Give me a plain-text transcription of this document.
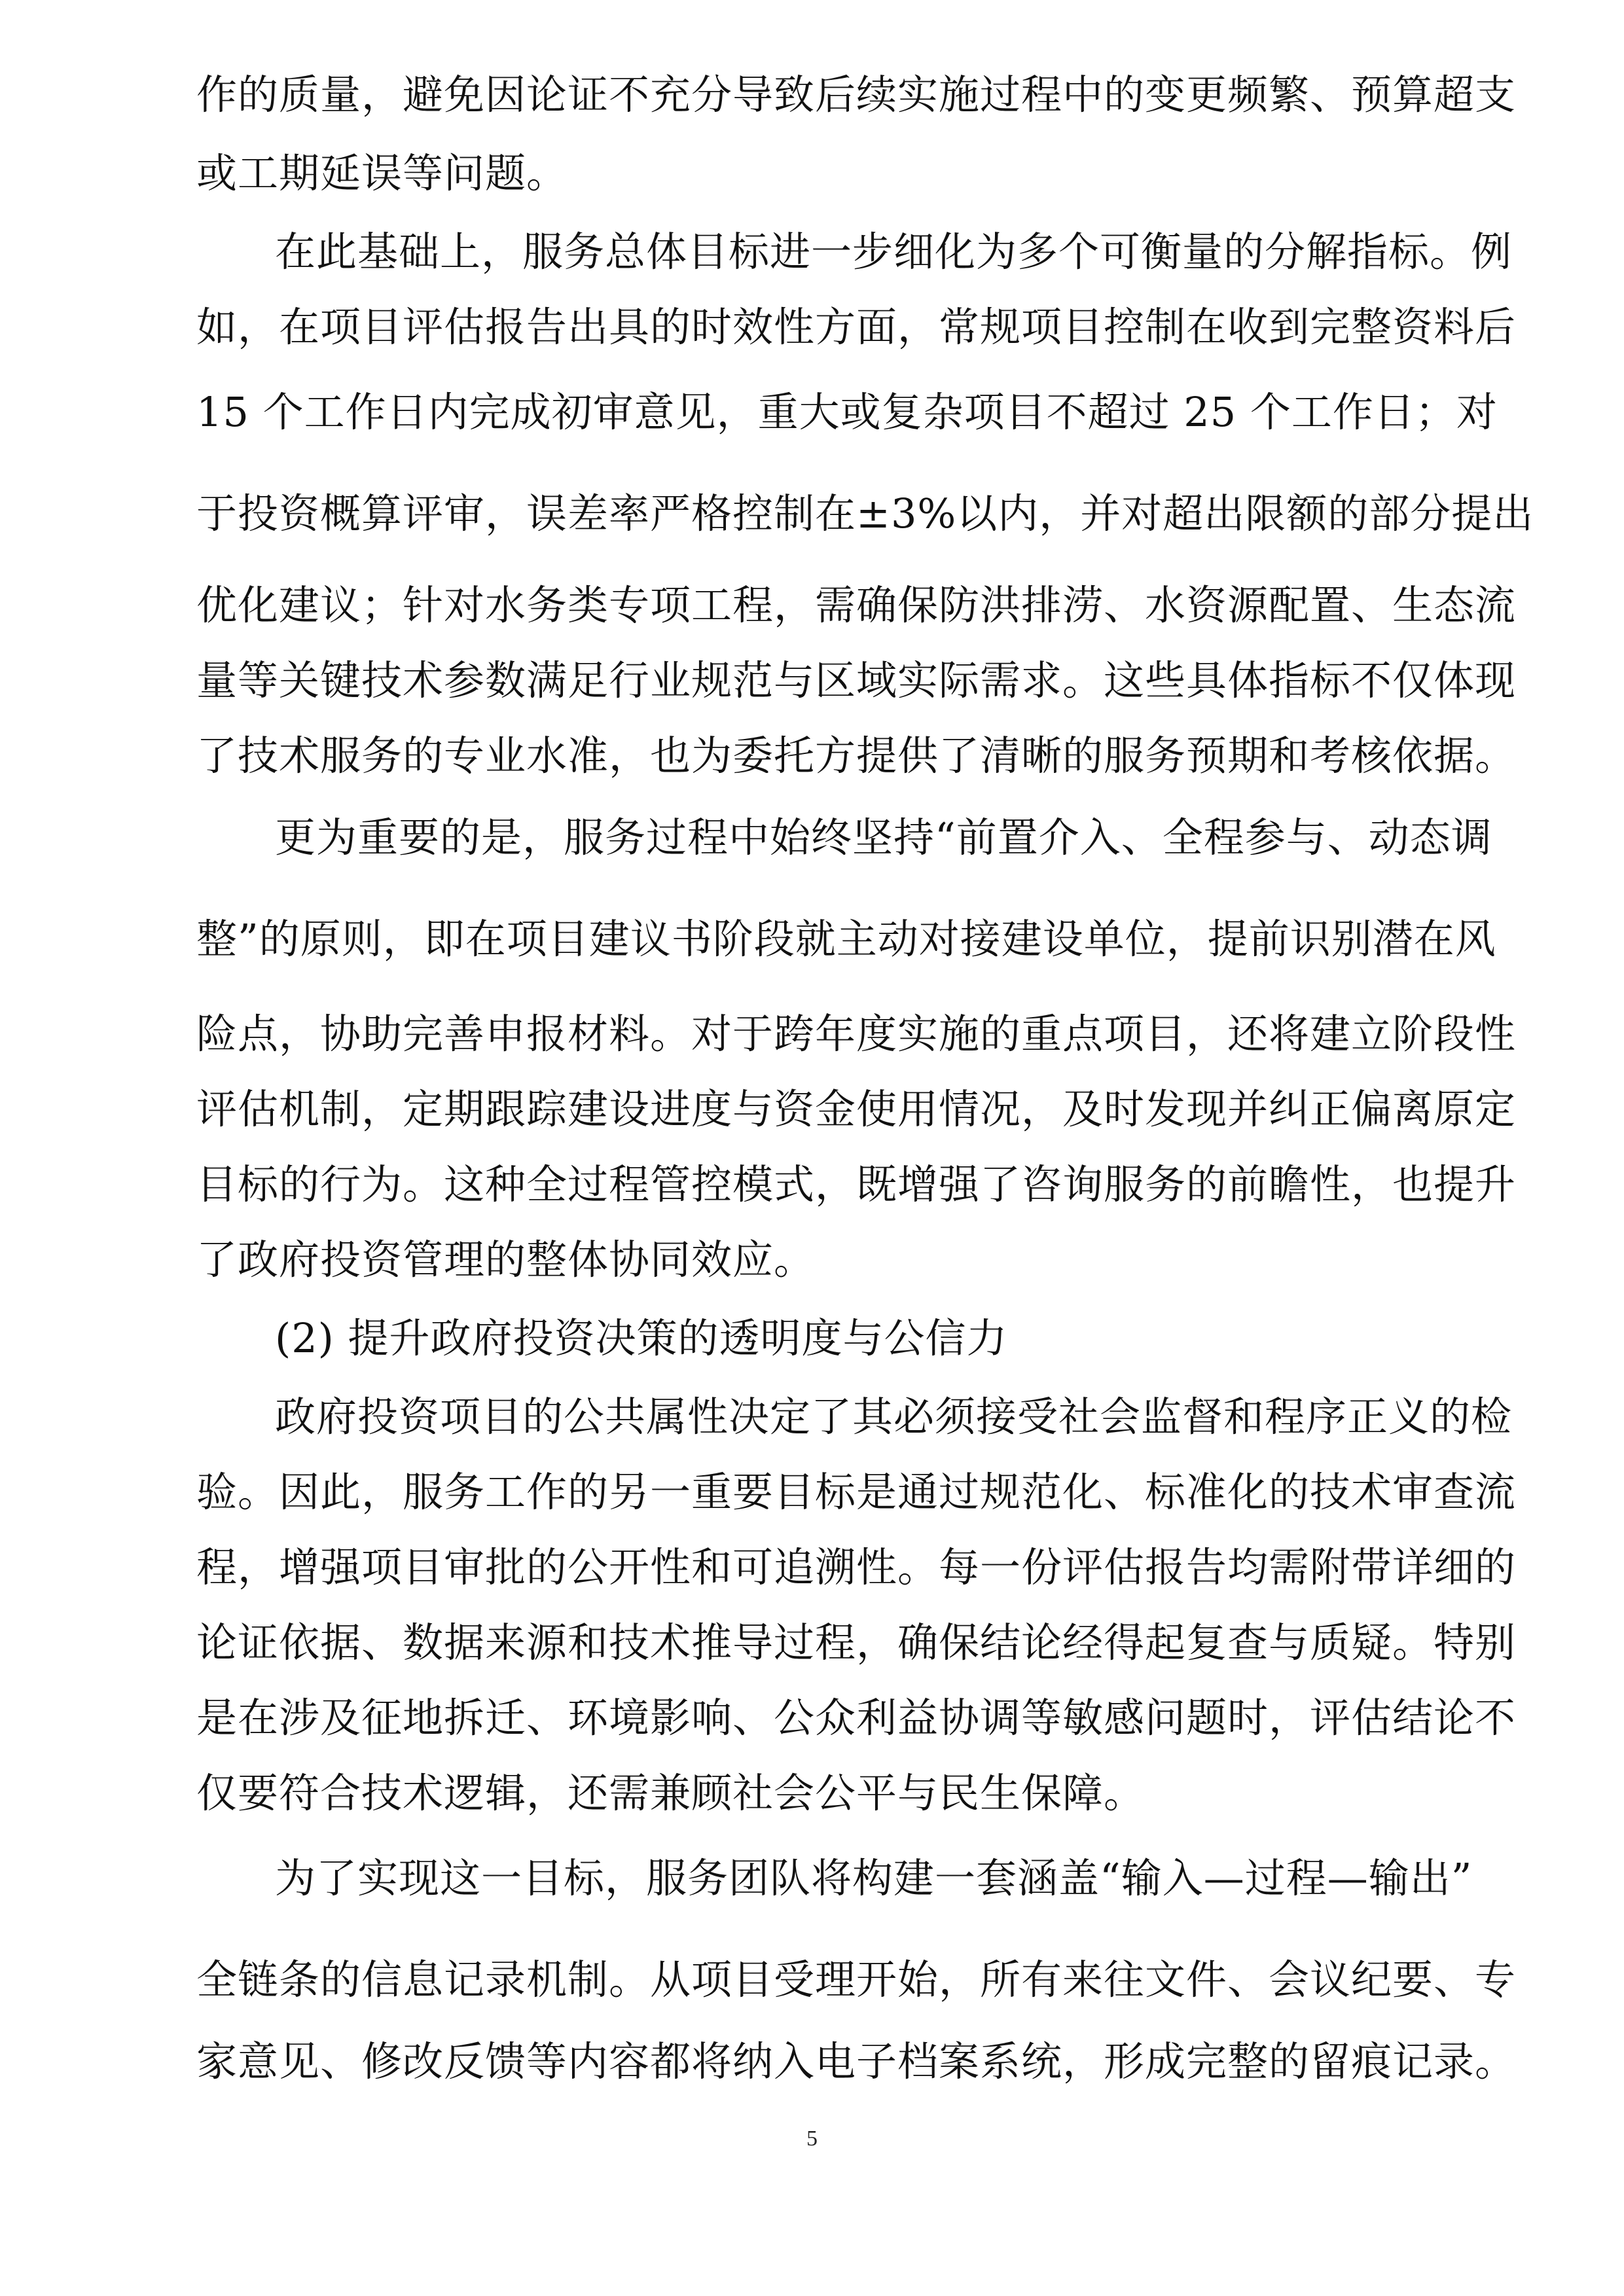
作的质量，避免因论证不充分导致后续实施过程中的变更频繁、预算超支
或工期延误等问题。
在此基础上，服务总体目标进一步细化为多个可衡量的分解指标。例
如，在项目评估报告出具的时效性方面，常规项目控制在收到完整资料后
15 个工作日内完成初审意见，重大或复杂项目不超过 25 个工作日；对
于投资概算评审，误差率严格控制在±3%以内，并对超出限额的部分提出
优化建议；针对水务类专项工程，需确保防洪排涝、水资源配置、生态流
量等关键技术参数满足行业规范与区域实际需求。这些具体指标不仅体现
了技术服务的专业水准，也为委托方提供了清晰的服务预期和考核依据。
更为重要的是，服务过程中始终坚持“前置介入、全程参与、动态调
整”的原则，即在项目建议书阶段就主动对接建设单位，提前识别潜在风
险点，协助完善申报材料。对于跨年度实施的重点项目，还将建立阶段性
评估机制，定期跟踪建设进度与资金使用情况，及时发现并纠正偏离原定
目标的行为。这种全过程管控模式，既增强了咨询服务的前瞻性，也提升
了政府投资管理的整体协同效应。
(2) 提升政府投资决策的透明度与公信力
政府投资项目的公共属性决定了其必须接受社会监督和程序正义的检
验。因此，服务工作的另一重要目标是通过规范化、标准化的技术审查流
程，增强项目审批的公开性和可追溯性。每一份评估报告均需附带详细的
论证依据、数据来源和技术推导过程，确保结论经得起复查与质疑。特别
是在涉及征地拆迁、环境影响、公众利益协调等敏感问题时，评估结论不
仅要符合技术逻辑，还需兼顾社会公平与民生保障。
为了实现这一目标，服务团队将构建一套涵盖“输入—过程—输出”
全链条的信息记录机制。从项目受理开始，所有来往文件、会议纪要、专
家意见、修改反馈等内容都将纳入电子档案系统，形成完整的留痕记录。
5
